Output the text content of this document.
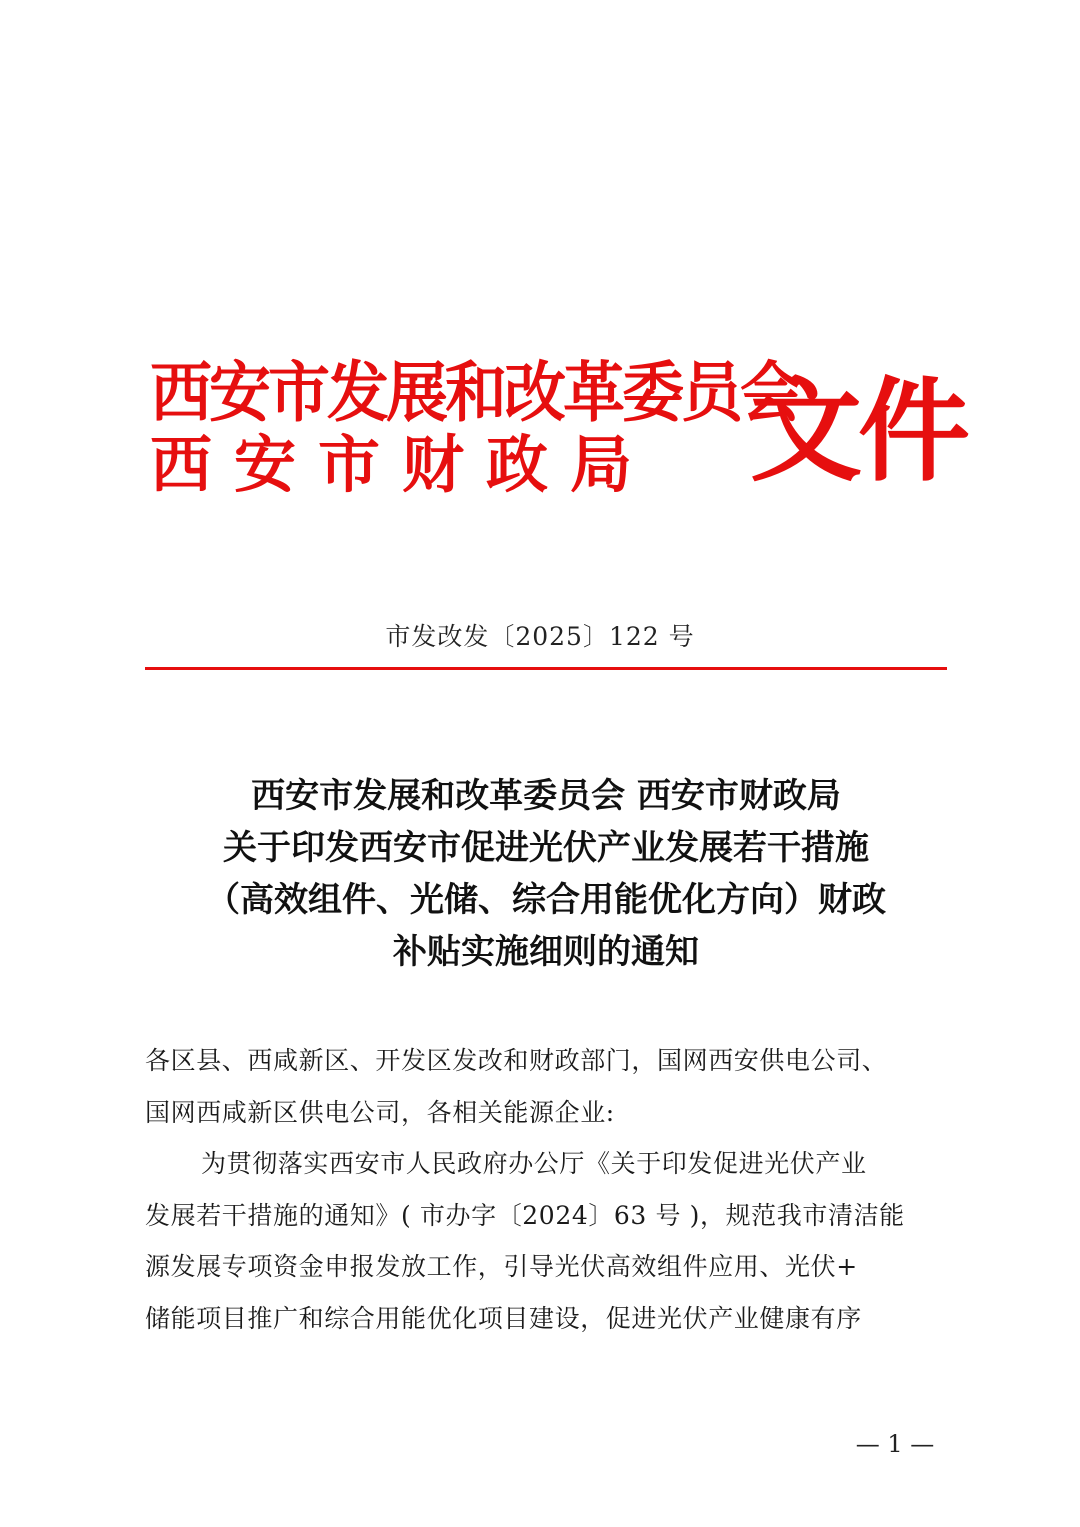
西安市发展和改革委员会
西安市财政局 文件
市发改发〔2025〕122 号
西安市发展和改革委员会 西安市财政局
关于印发西安市促进光伏产业发展若干措施
（高效组件、光储、综合用能优化方向）财政
补贴实施细则的通知
各区县、西咸新区、开发区发改和财政部门，国网西安供电公司、
国网西咸新区供电公司，各相关能源企业:
为贯彻落实西安市人民政府办公厅《关于印发促进光伏产业
发展若干措施的通知》( 市办字〔2024〕63 号 )，规范我市清洁能
源发展专项资金申报发放工作，引导光伏高效组件应用、光伏+
储能项目推广和综合用能优化项目建设，促进光伏产业健康有序
— 1 —
